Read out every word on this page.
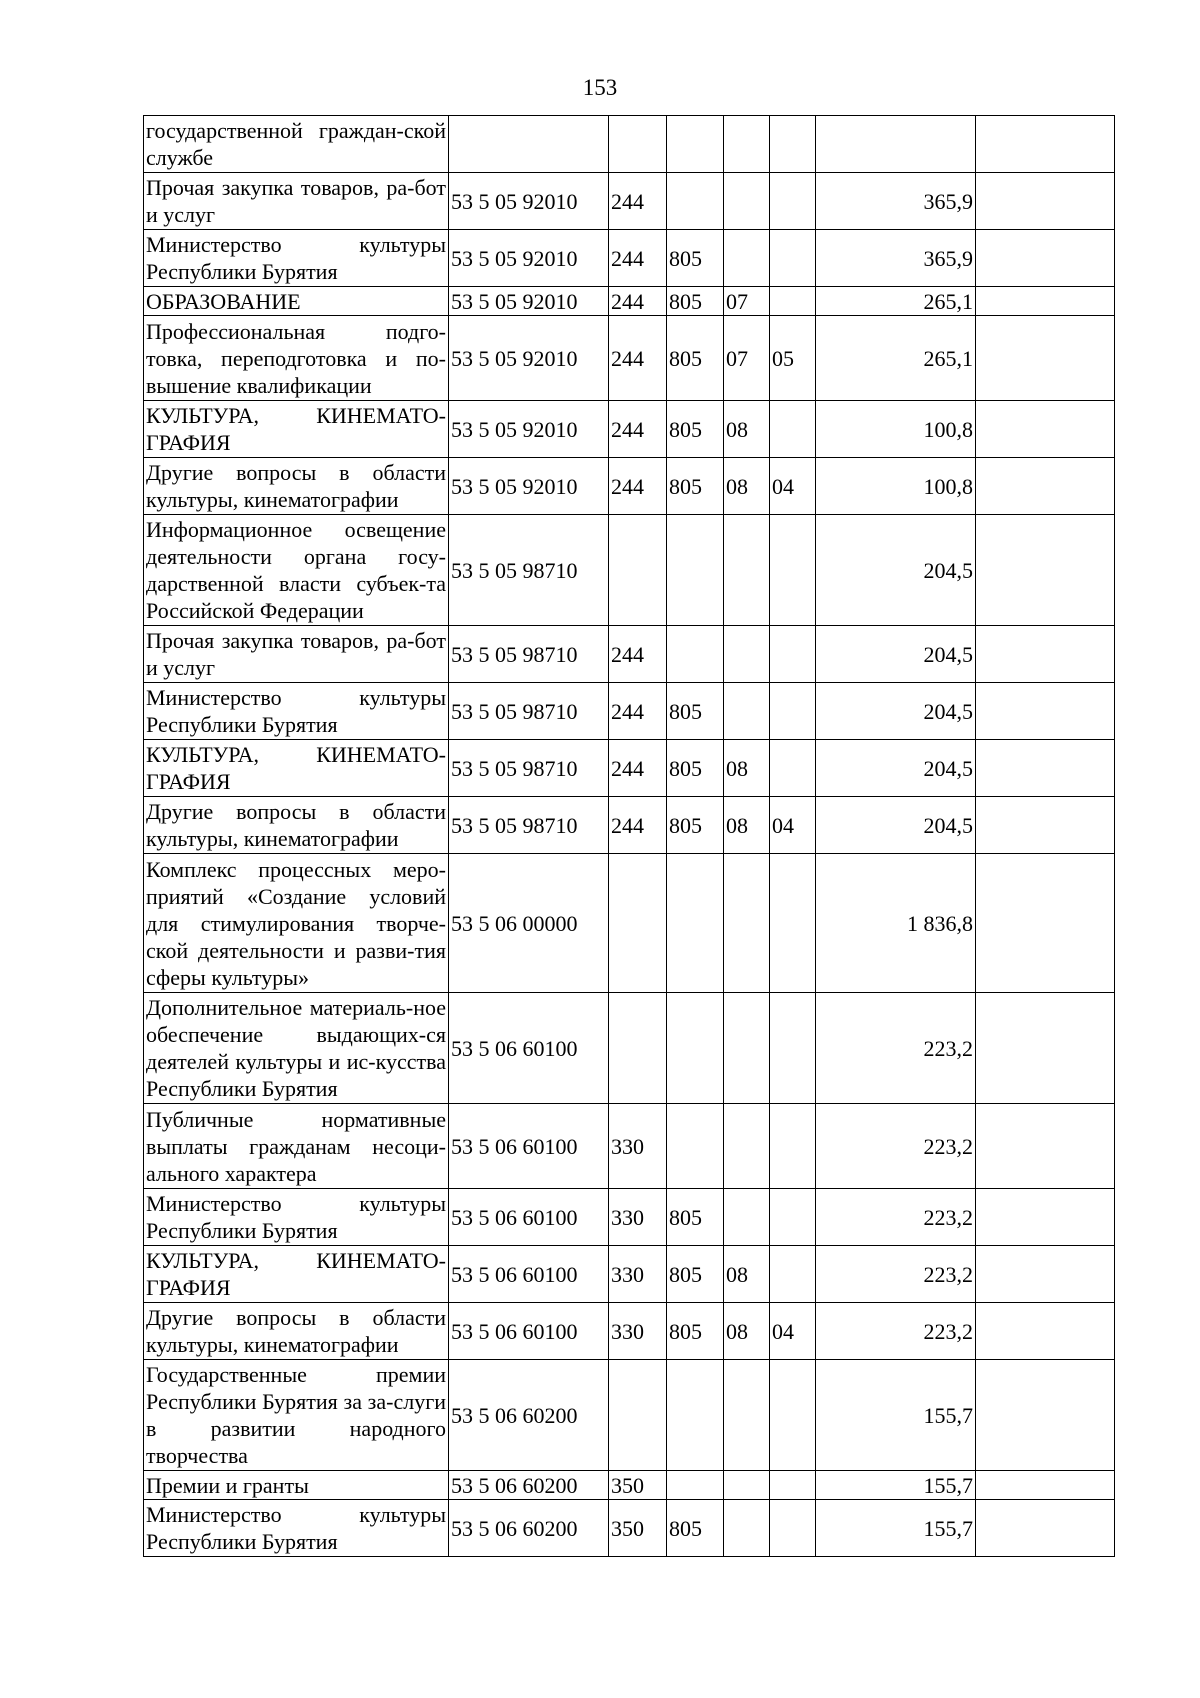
153
государственной граждан-ской службе							
Прочая закупка товаров, ра-бот и услуг	53 5 05 92010	244				365,9	
Министерство культуры Республики Бурятия	53 5 05 92010	244	805			365,9	
ОБРАЗОВАНИЕ	53 5 05 92010	244	805	07		265,1	
Профессиональная подго-товка, переподготовка и по-вышение квалификации	53 5 05 92010	244	805	07	05	265,1	
КУЛЬТУРА, КИНЕМАТО-ГРАФИЯ	53 5 05 92010	244	805	08		100,8	
Другие вопросы в области культуры, кинематографии	53 5 05 92010	244	805	08	04	100,8	
Информационное освещение деятельности органа госу-дарственной власти субъек-та Российской Федерации	53 5 05 98710					204,5	
Прочая закупка товаров, ра-бот и услуг	53 5 05 98710	244				204,5	
Министерство культуры Республики Бурятия	53 5 05 98710	244	805			204,5	
КУЛЬТУРА, КИНЕМАТО-ГРАФИЯ	53 5 05 98710	244	805	08		204,5	
Другие вопросы в области культуры, кинематографии	53 5 05 98710	244	805	08	04	204,5	
Комплекс процессных меро-приятий «Создание условий для стимулирования творче-ской деятельности и разви-тия сферы культуры»	53 5 06 00000					1 836,8	
Дополнительное материаль-ное обеспечение выдающих-ся деятелей культуры и ис-кусства Республики Бурятия	53 5 06 60100					223,2	
Публичные нормативные выплаты гражданам несоци-ального характера	53 5 06 60100	330				223,2	
Министерство культуры Республики Бурятия	53 5 06 60100	330	805			223,2	
КУЛЬТУРА, КИНЕМАТО-ГРАФИЯ	53 5 06 60100	330	805	08		223,2	
Другие вопросы в области культуры, кинематографии	53 5 06 60100	330	805	08	04	223,2	
Государственные премии Республики Бурятия за за-слуги в развитии народного творчества	53 5 06 60200					155,7	
Премии и гранты	53 5 06 60200	350				155,7	
Министерство культуры Республики Бурятия	53 5 06 60200	350	805			155,7	
